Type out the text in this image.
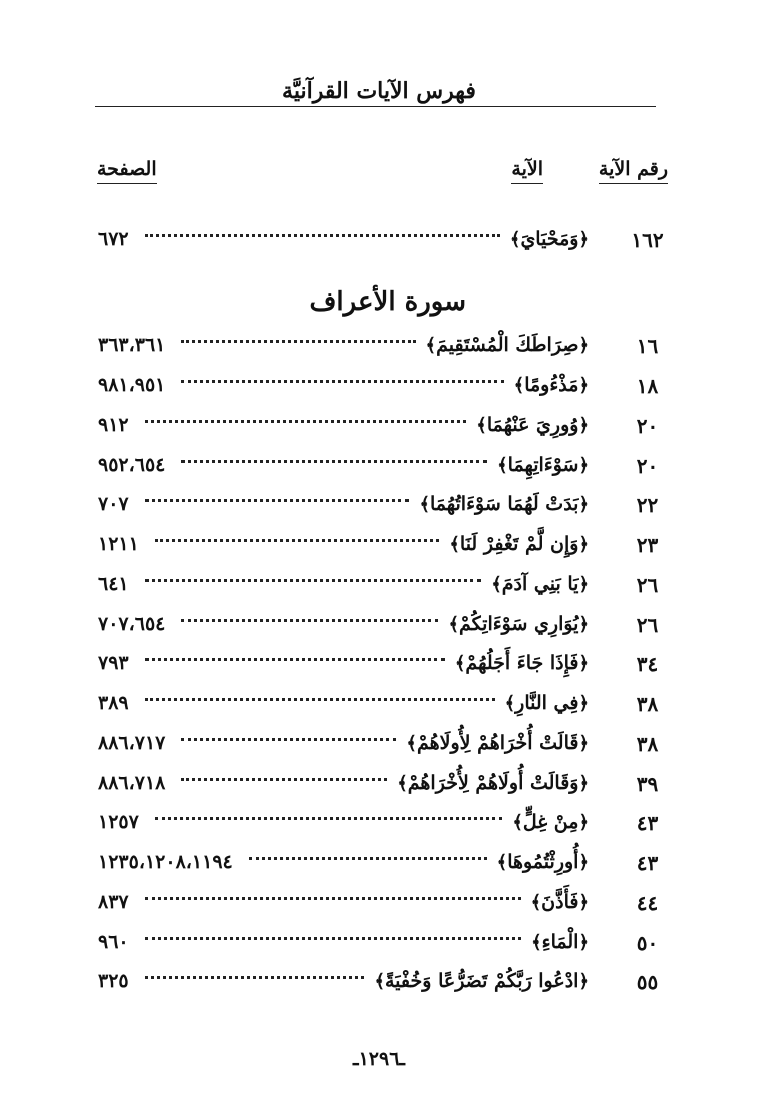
فهرس الآيات القرآنيَّة
رقم الآية
الآية
الصفحة
١٦٢
﴿وَمَحْيَايَ﴾
٦٧٢
سورة الأعراف
١٦
﴿صِرَاطَكَ الْمُسْتَقِيمَ﴾
٣٦٣،٣٦١
١٨
﴿مَذْءُومًا﴾
٩٨١،٩٥١
٢٠
﴿وُورِيَ عَنْهُمَا﴾
٩١٢
٢٠
﴿سَوْءَاتِهِمَا﴾
٩٥٢،٦٥٤
٢٢
﴿بَدَتْ لَهُمَا سَوْءَاتُهُمَا﴾
٧٠٧
٢٣
﴿وَإِن لَّمْ تَغْفِرْ لَنَا﴾
١٢١١
٢٦
﴿يَا بَنِي آدَمَ﴾
٦٤١
٢٦
﴿يُوَارِي سَوْءَاتِكُمْ﴾
٧٠٧،٦٥٤
٣٤
﴿فَإِذَا جَاءَ أَجَلُهُمْ﴾
٧٩٣
٣٨
﴿فِي النَّارِ﴾
٣٨٩
٣٨
﴿قَالَتْ أُخْرَاهُمْ لِأُولَاهُمْ﴾
٨٨٦،٧١٧
٣٩
﴿وَقَالَتْ أُولَاهُمْ لِأُخْرَاهُمْ﴾
٨٨٦،٧١٨
٤٣
﴿مِنْ غِلٍّ﴾
١٢٥٧
٤٣
﴿أُورِثْتُمُوهَا﴾
١٢٣٥،١٢٠٨،١١٩٤
٤٤
﴿فَأَذَّنَ﴾
٨٣٧
٥٠
﴿الْمَاءِ﴾
٩٦٠
٥٥
﴿ادْعُوا رَبَّكُمْ تَضَرُّعًا وَخُفْيَةً﴾
٣٢٥
ـ١٢٩٦ـ
